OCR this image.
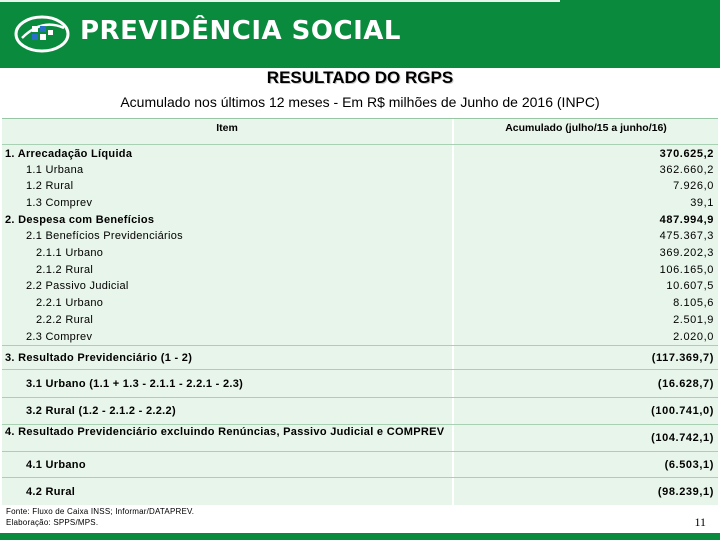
PREVIDÊNCIA SOCIAL
RESULTADO DO RGPS
Acumulado nos últimos 12 meses - Em R$ milhões de Junho de 2016 (INPC)
Item	Acumulado (julho/15 a junho/16)
1. Arrecadação Líquida	370.625,2
1.1 Urbana	362.660,2
1.2 Rural	7.926,0
1.3 Comprev	39,1
2. Despesa com Benefícios	487.994,9
2.1 Benefícios Previdenciários	475.367,3
2.1.1 Urbano	369.202,3
2.1.2 Rural	106.165,0
2.2 Passivo Judicial	10.607,5
2.2.1 Urbano	8.105,6
2.2.2 Rural	2.501,9
2.3 Comprev	2.020,0
3. Resultado Previdenciário (1 - 2)	(117.369,7)
3.1 Urbano (1.1 + 1.3 - 2.1.1 - 2.2.1 - 2.3)	(16.628,7)
3.2 Rural (1.2 - 2.1.2 - 2.2.2)	(100.741,0)
4. Resultado Previdenciário excluindo Renúncias, Passivo Judicial e COMPREV	(104.742,1)
4.1 Urbano	(6.503,1)
4.2 Rural	(98.239,1)
Fonte: Fluxo de Caixa INSS; Informar/DATAPREV.
Elaboração: SPPS/MPS.	11
